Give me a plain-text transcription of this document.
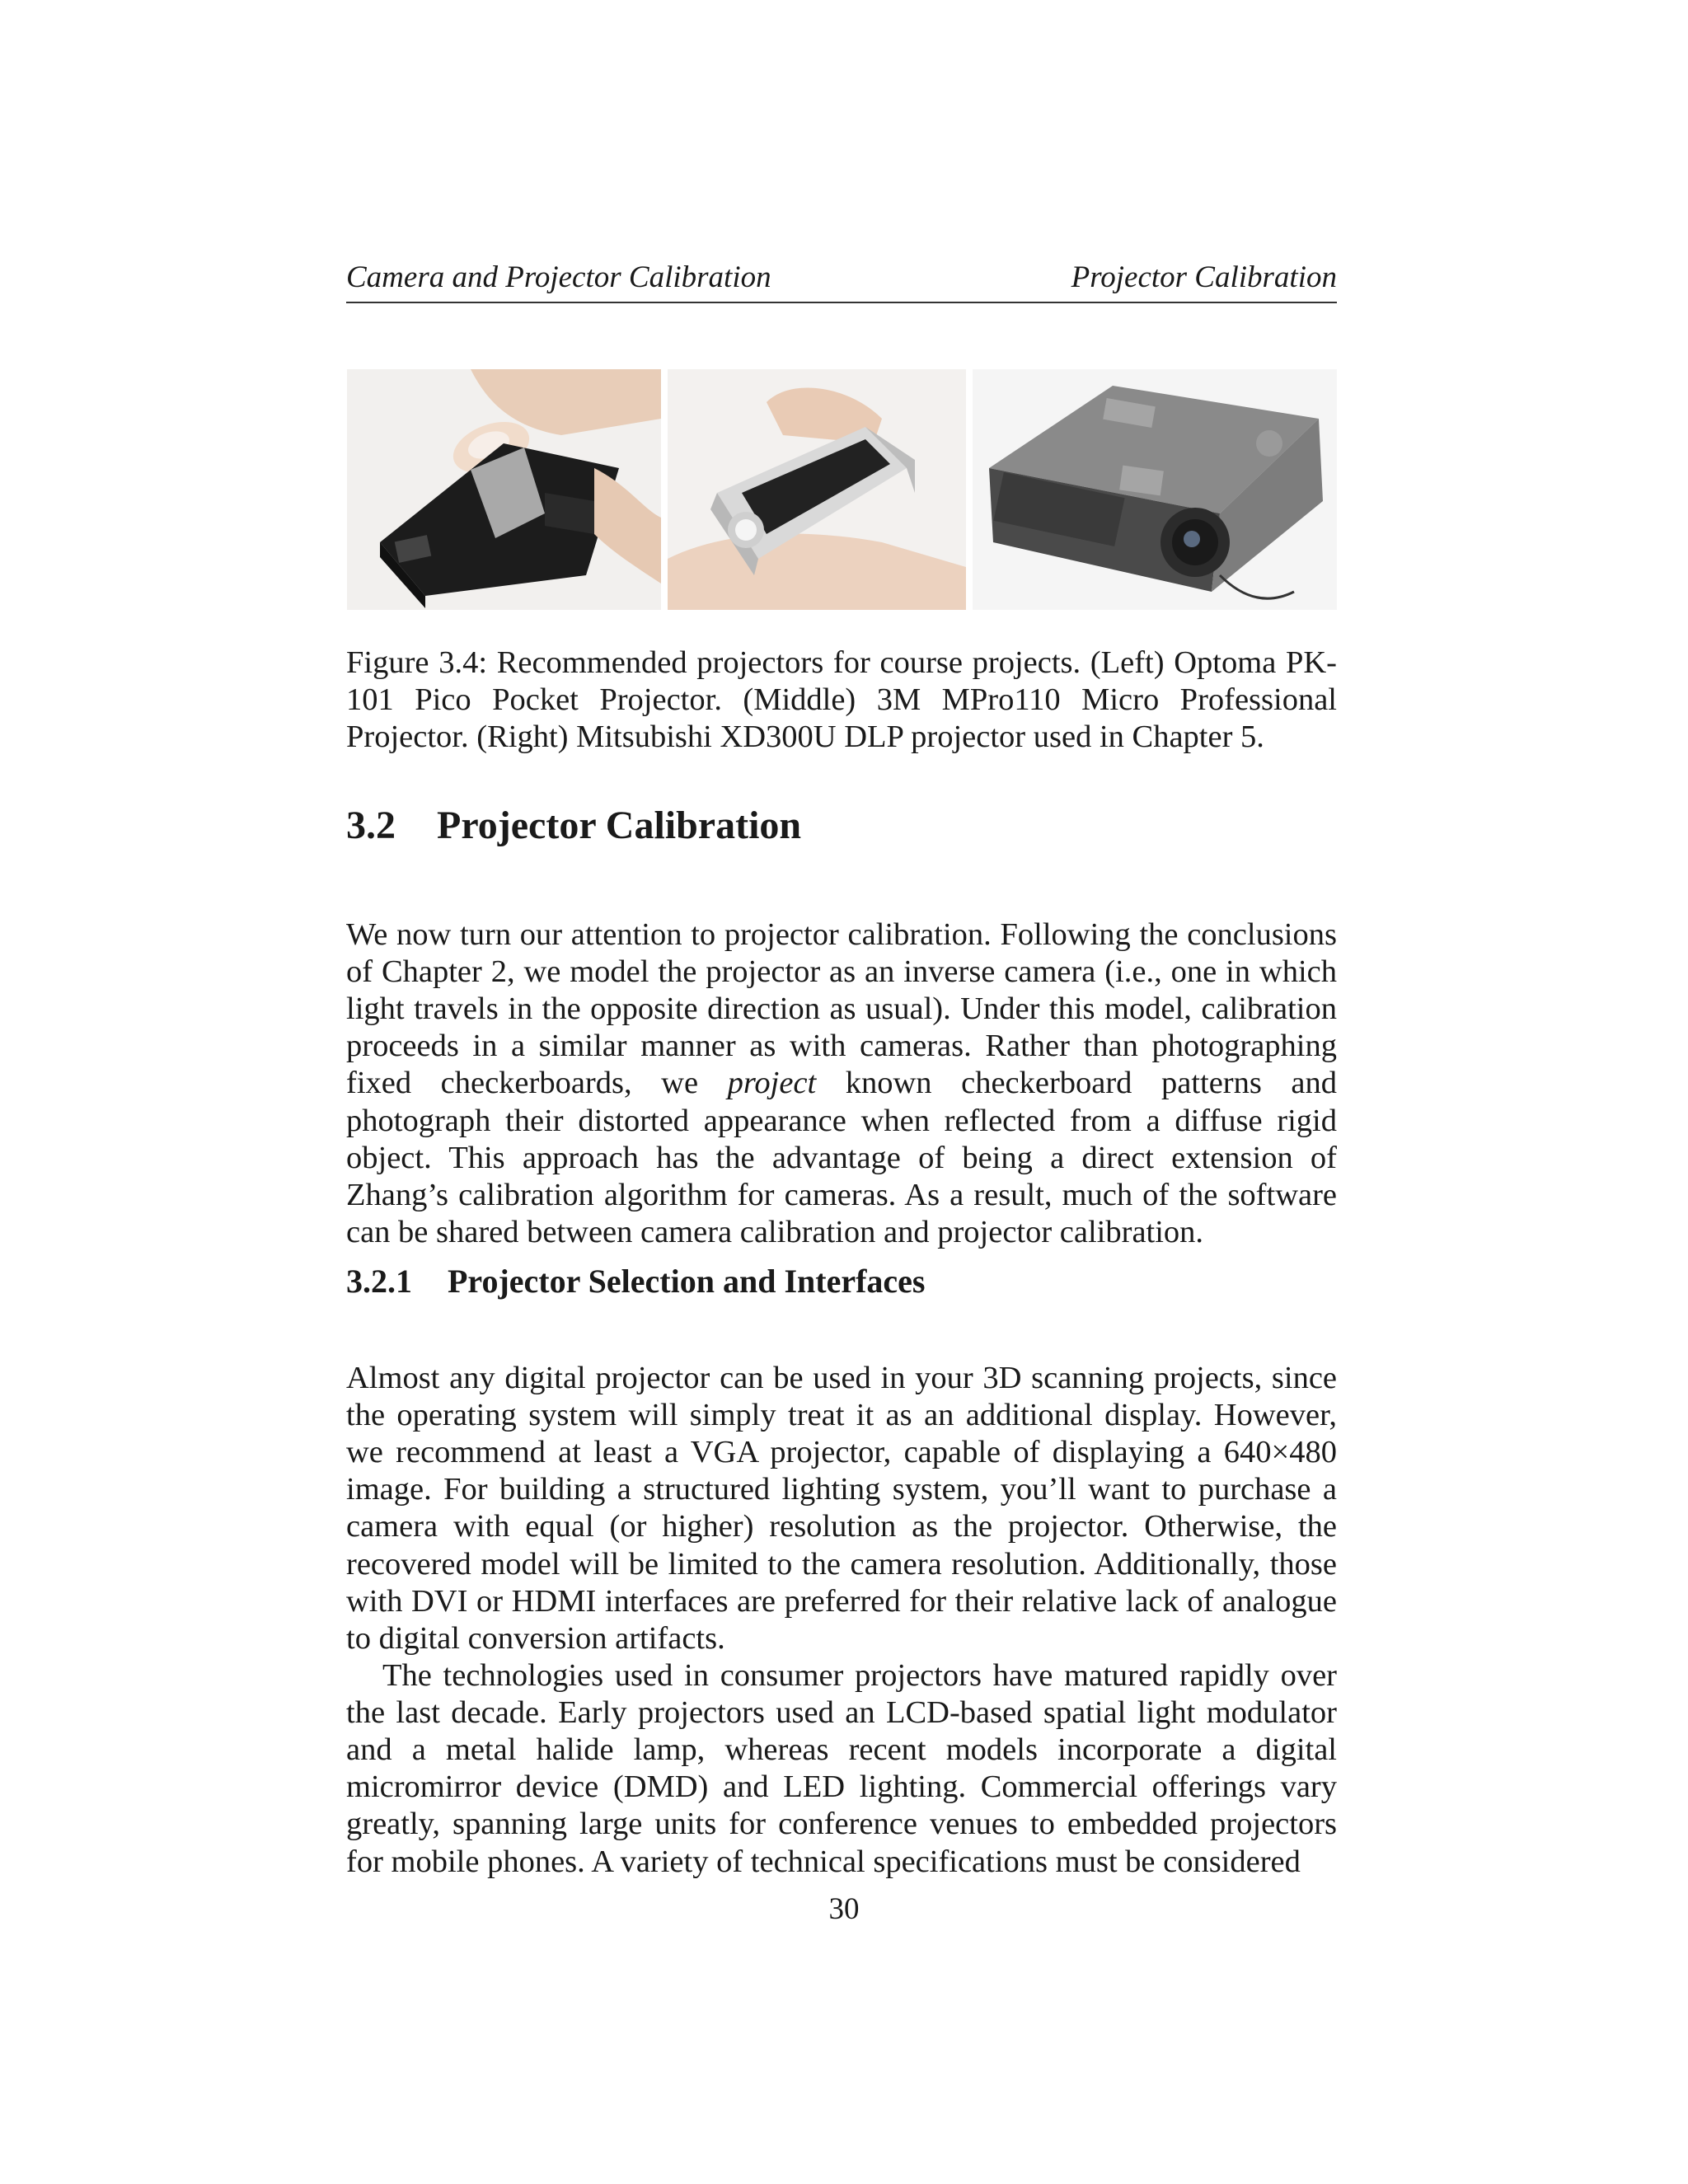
Camera and Projector Calibration	Projector Calibration
Figure 3.4: Recommended projectors for course projects. (Left) Optoma PK-101 Pico Pocket Projector. (Middle) 3M MPro110 Micro Professional Projector. (Right) Mitsubishi XD300U DLP projector used in Chapter 5.
3.2 Projector Calibration

We now turn our attention to projector calibration. Following the conclusions of Chapter 2, we model the projector as an inverse camera (i.e., one in which light travels in the opposite direction as usual). Under this model, calibration proceeds in a similar manner as with cameras. Rather than photographing fixed checkerboards, we project known checkerboard patterns and photograph their distorted appearance when reflected from a diffuse rigid object. This approach has the advantage of being a direct extension of Zhang’s calibration algorithm for cameras. As a result, much of the software can be shared between camera calibration and projector calibration.

3.2.1 Projector Selection and Interfaces

Almost any digital projector can be used in your 3D scanning projects, since the operating system will simply treat it as an additional display. However, we recommend at least a VGA projector, capable of displaying a 640×480 image. For building a structured lighting system, you’ll want to purchase a camera with equal (or higher) resolution as the projector. Otherwise, the recovered model will be limited to the camera resolution. Additionally, those with DVI or HDMI interfaces are preferred for their relative lack of analogue to digital conversion artifacts.

The technologies used in consumer projectors have matured rapidly over the last decade. Early projectors used an LCD-based spatial light modulator and a metal halide lamp, whereas recent models incorporate a digital micromirror device (DMD) and LED lighting. Commercial offerings vary greatly, spanning large units for conference venues to embedded projectors for mobile phones. A variety of technical specifications must be considered

30
